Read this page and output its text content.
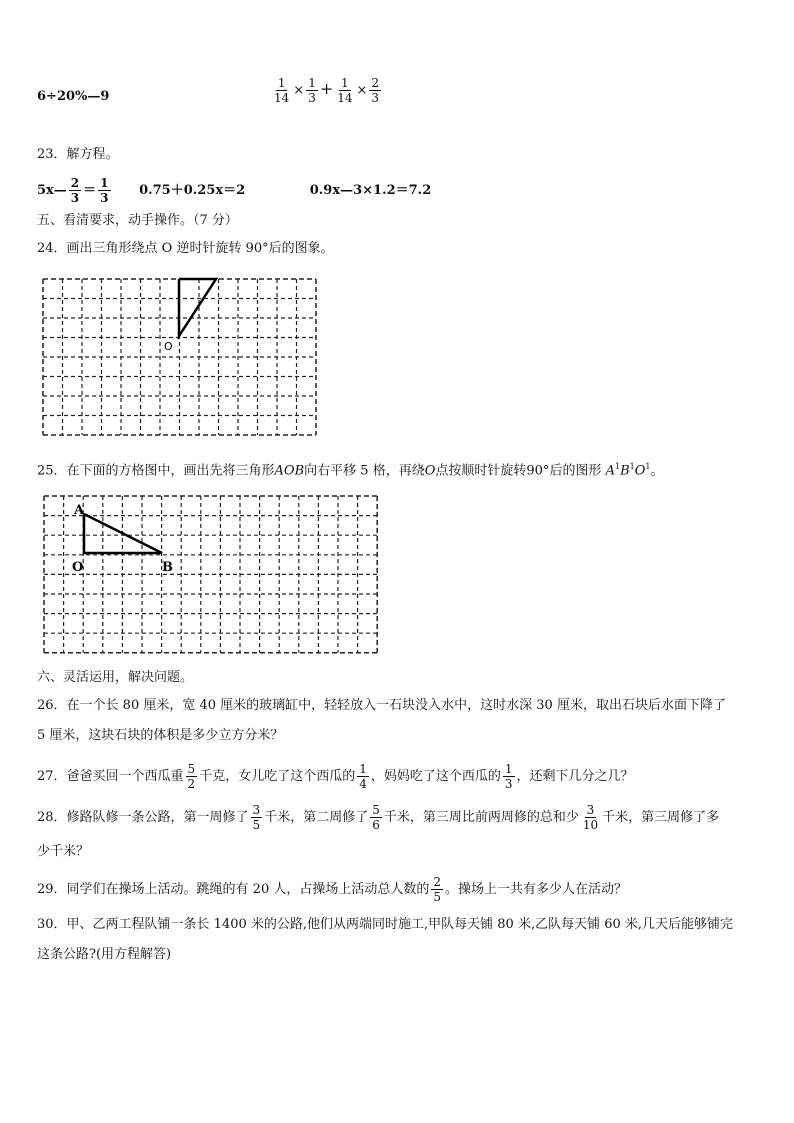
6÷20%—9	$\frac{1}{14} \times \frac{1}{3} + \frac{1}{14} \times \frac{2}{3}$
23．解方程。
5x— $\frac{2}{3} = \frac{1}{3} 0.75+0.25x=2$	0.9x—3×1.2＝7.2
五、看清要求，动手操作。（7 分）
24．画出三角形绕点 O 逆时针旋转 90°后的图象。
O
25．在下面的方格图中，画出先将三角形AOB向右平移 5 格，再绕O点按顺时针旋转90°后的图形 $A^1B^1O^1$。
A
O	B
六、灵活运用，解决问题。
26．在一个长 80 厘米，宽 40 厘米的玻璃缸中，轻轻放入一石块没入水中，这时水深 30 厘米，取出石块后水面下降了
5 厘米，这块石块的体积是多少立方分米？
27．爸爸买回一个西瓜重 $\frac{5}{2}$ 千克，女儿吃了这个西瓜的 $\frac{1}{4}$ ，妈妈吃了这个西瓜的 $\frac{1}{3}$ ，还剩下几分之几？
28．修路队修一条公路，第一周修了 $\frac{3}{5}$ 千米，第二周修了 $\frac{5}{6}$ 千米，第三周比前两周修的总和少 $\frac{3}{10}$ 千米，第三周修了多
少千米？
29．同学们在操场上活动。跳绳的有 20 人，占操场上活动总人数的 $\frac{2}{5}$ 。操场上一共有多少人在活动？
30．甲、乙两工程队铺一条长 1400 米的公路,他们从两端同时施工,甲队每天铺 80 米,乙队每天铺 60 米,几天后能够铺完
这条公路?(用方程解答)
